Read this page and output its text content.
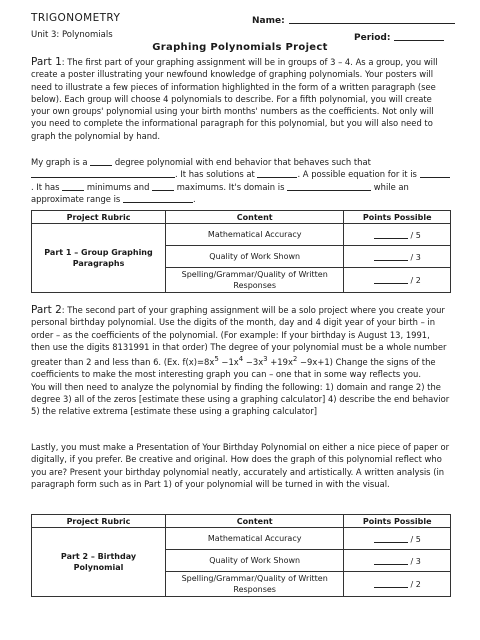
TRIGONOMETRY
Unit 3: Polynomials
Name:
Period:
Graphing Polynomials Project
Part 1: The first part of your graphing assignment will be in groups of 3 – 4. As a group, you will create a poster illustrating your newfound knowledge of graphing polynomials. Your posters will need to illustrate a few pieces of information highlighted in the form of a written paragraph (see below). Each group will choose 4 polynomials to describe. For a fifth polynomial, you will create your own groups' polynomial using your birth months' numbers as the coefficients. Not only will you need to complete the informational paragraph for this polynomial, but you will also need to graph the polynomial by hand.
My graph is a	degree polynomial with end behavior that behaves such that . It has solutions at	. A possible equation for it is . It has	minimums and	maximums. It's domain is	while an approximate range is	.
Project Rubric	Content	Points Possible
Part 1 – Group Graphing Paragraphs	Mathematical Accuracy	/ 5
	Quality of Work Shown	/ 3
	Spelling/Grammar/Quality of Written Responses	/ 2
Part 2: The second part of your graphing assignment will be a solo project where you create your personal birthday polynomial. Use the digits of the month, day and 4 digit year of your birth – in order – as the coefficients of the polynomial. (For example: If your birthday is August 13, 1991, then use the digits 8131991 in that order) The degree of your polynomial must be a whole number greater than 2 and less than 6. (Ex. $f(x)=8x^5 -1x^4 -3x^3 +19x^2 -9x+1$) Change the signs of the coefficients to make the most interesting graph you can – one that in some way reflects you.
You will then need to analyze the polynomial by finding the following: 1) domain and range 2) the degree 3) all of the zeros [estimate these using a graphing calculator] 4) describe the end behavior 5) the relative extrema [estimate these using a graphing calculator]
Lastly, you must make a Presentation of Your Birthday Polynomial on either a nice piece of paper or digitally, if you prefer. Be creative and original. How does the graph of this polynomial reflect who you are? Present your birthday polynomial neatly, accurately and artistically. A written analysis (in paragraph form such as in Part 1) of your polynomial will be turned in with the visual.
Project Rubric	Content	Points Possible
Part 2 – Birthday Polynomial	Mathematical Accuracy	/ 5
	Quality of Work Shown	/ 3
	Spelling/Grammar/Quality of Written Responses	/ 2
